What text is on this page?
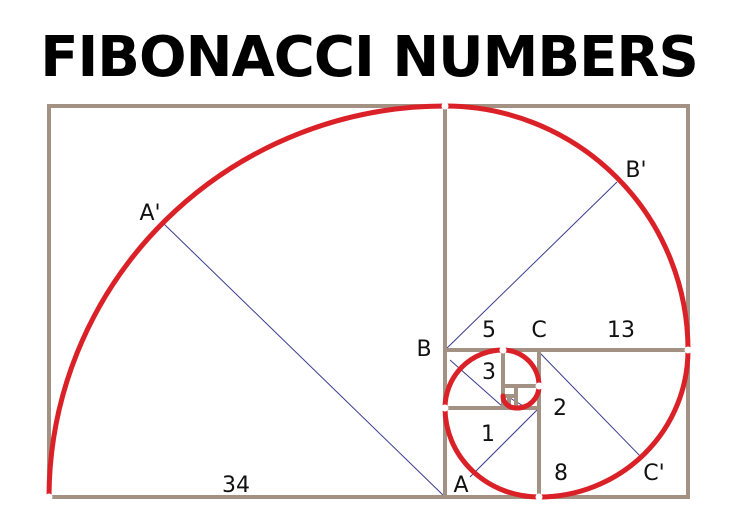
FIBONACCI NUMBERS
34
13
8
5
3
2
1
A
B
C
A'
B'
C'
